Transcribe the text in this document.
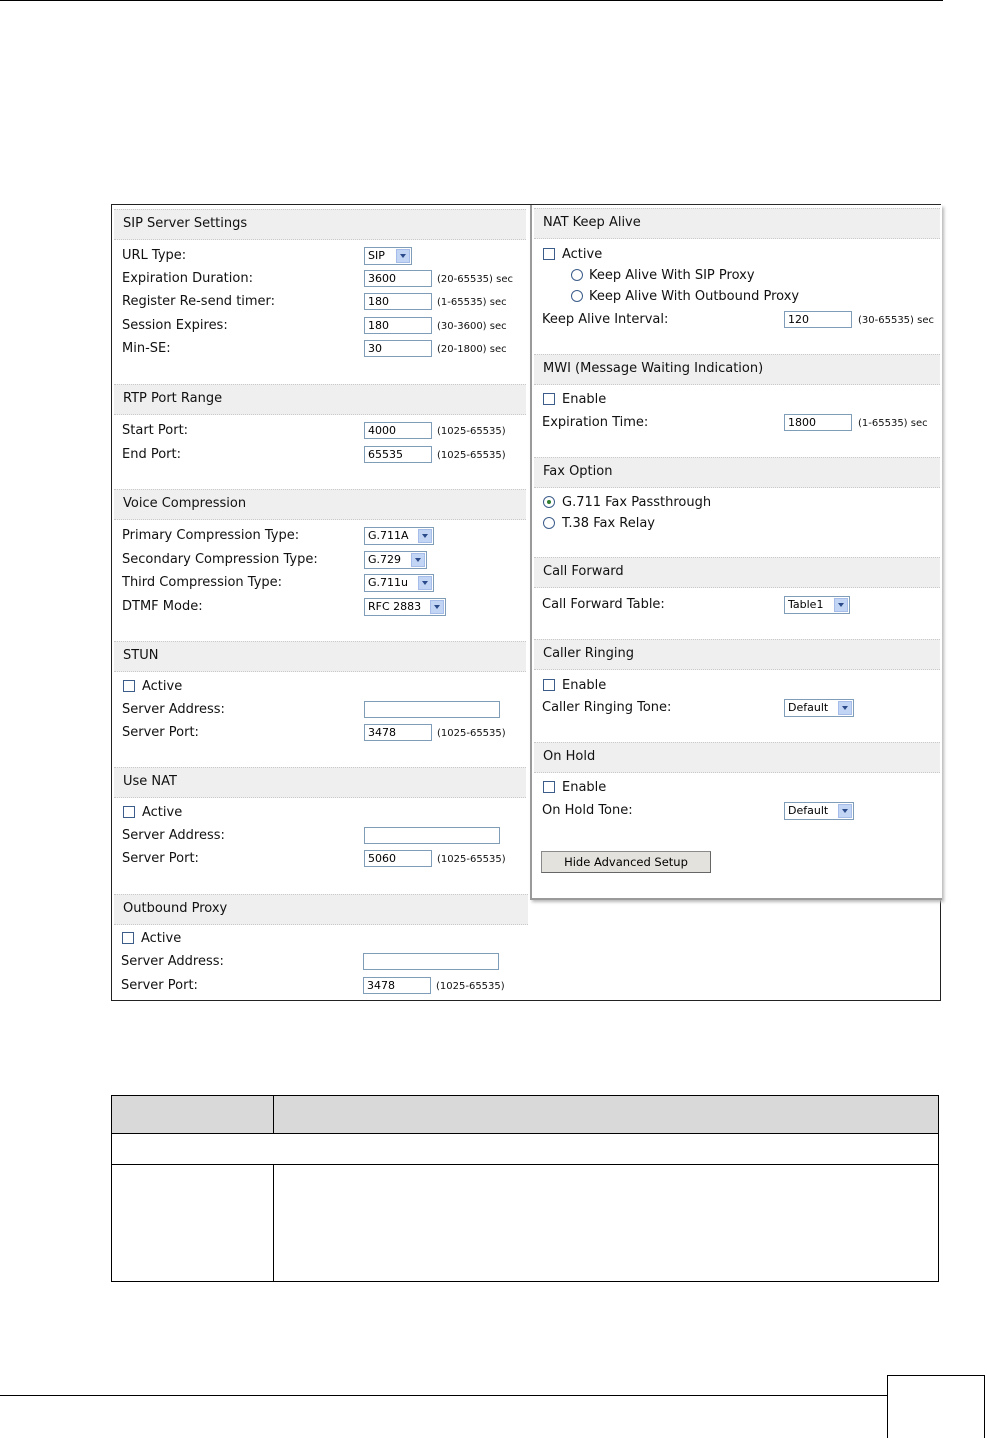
SIP Server Settings
URL Type:	SIP
Expiration Duration:	3600	(20-65535) sec
Register Re-send timer:	180	(1-65535) sec
Session Expires:	180	(30-3600) sec
Min-SE:	30	(20-1800) sec
RTP Port Range
Start Port:	4000	(1025-65535)
End Port:	65535	(1025-65535)
Voice Compression
Primary Compression Type:	G.711A
Secondary Compression Type:	G.729
Third Compression Type:	G.711u
DTMF Mode:	RFC 2883
STUN
Active
Server Address:
Server Port:	3478	(1025-65535)
Use NAT
Active
Server Address:
Server Port:	5060	(1025-65535)
Outbound Proxy
Active
Server Address:
Server Port:	3478	(1025-65535)
NAT Keep Alive
Active
Keep Alive With SIP Proxy
Keep Alive With Outbound Proxy
Keep Alive Interval:	120	(30-65535) sec
MWI (Message Waiting Indication)
Enable
Expiration Time:	1800	(1-65535) sec
Fax Option
G.711 Fax Passthrough
T.38 Fax Relay
Call Forward
Call Forward Table:	Table1
Caller Ringing
Enable
Caller Ringing Tone:	Default
On Hold
Enable
On Hold Tone:	Default
Hide Advanced Setup
